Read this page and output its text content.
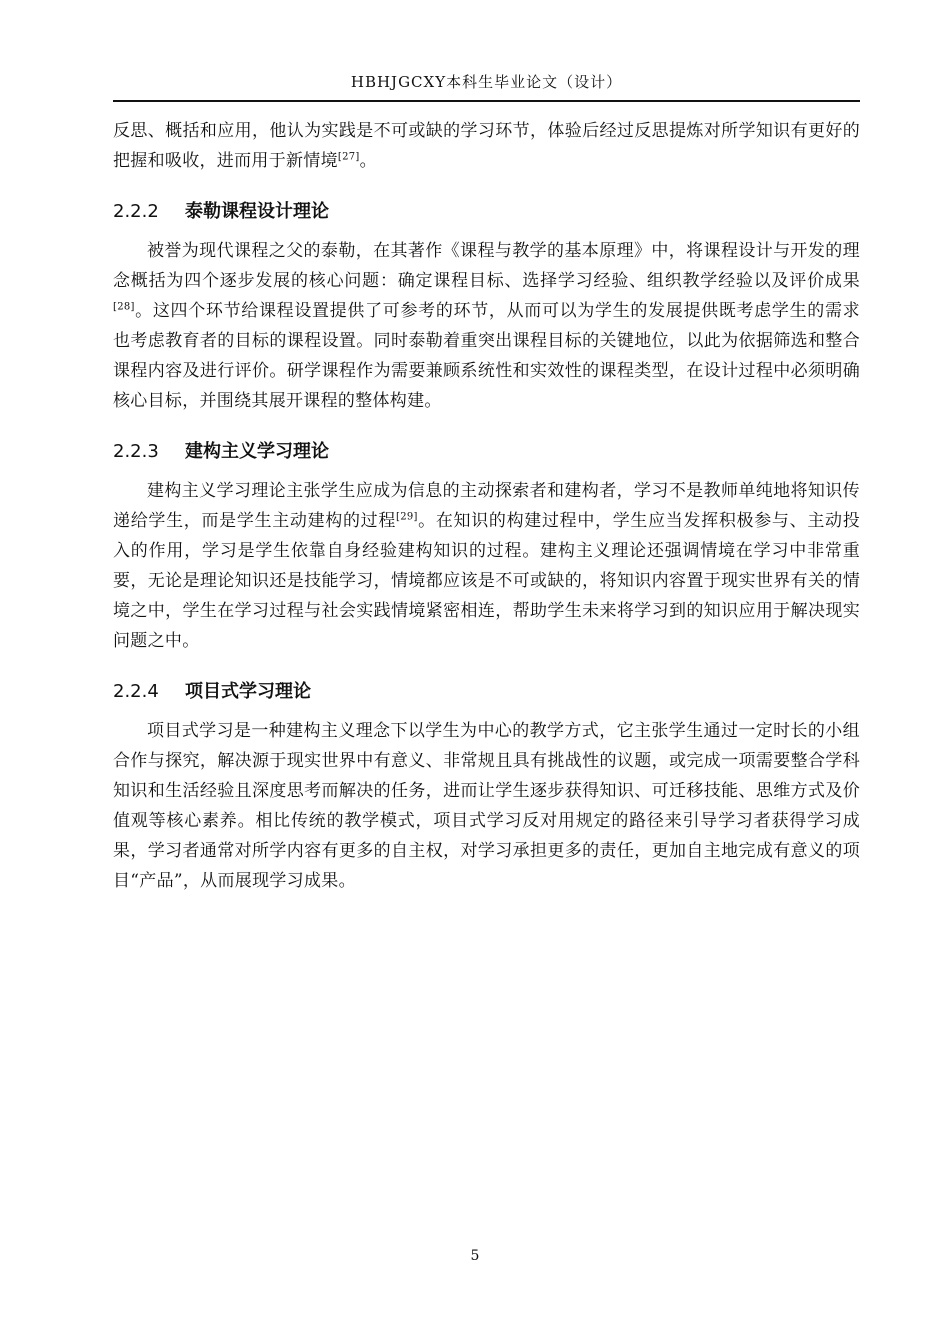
HBHJGCXY本科生毕业论文（设计）

反思、概括和应用，他认为实践是不可或缺的学习环节，体验后经过反思提炼对所学知识有更好的把握和吸收，进而用于新情境[27]。

2.2.2 泰勒课程设计理论

被誉为现代课程之父的泰勒，在其著作《课程与教学的基本原理》中，将课程设计与开发的理念概括为四个逐步发展的核心问题：确定课程目标、选择学习经验、组织教学经验以及评价成果[28]。这四个环节给课程设置提供了可参考的环节，从而可以为学生的发展提供既考虑学生的需求也考虑教育者的目标的课程设置。同时泰勒着重突出课程目标的关键地位，以此为依据筛选和整合课程内容及进行评价。研学课程作为需要兼顾系统性和实效性的课程类型，在设计过程中必须明确核心目标，并围绕其展开课程的整体构建。

2.2.3 建构主义学习理论

建构主义学习理论主张学生应成为信息的主动探索者和建构者，学习不是教师单纯地将知识传递给学生，而是学生主动建构的过程[29]。在知识的构建过程中，学生应当发挥积极参与、主动投入的作用，学习是学生依靠自身经验建构知识的过程。建构主义理论还强调情境在学习中非常重要，无论是理论知识还是技能学习，情境都应该是不可或缺的，将知识内容置于现实世界有关的情境之中，学生在学习过程与社会实践情境紧密相连，帮助学生未来将学习到的知识应用于解决现实问题之中。

2.2.4 项目式学习理论

项目式学习是一种建构主义理念下以学生为中心的教学方式，它主张学生通过一定时长的小组合作与探究，解决源于现实世界中有意义、非常规且具有挑战性的议题，或完成一项需要整合学科知识和生活经验且深度思考而解决的任务，进而让学生逐步获得知识、可迁移技能、思维方式及价值观等核心素养。相比传统的教学模式，项目式学习反对用规定的路径来引导学习者获得学习成果，学习者通常对所学内容有更多的自主权，对学习承担更多的责任，更加自主地完成有意义的项目“产品”，从而展现学习成果。

5
